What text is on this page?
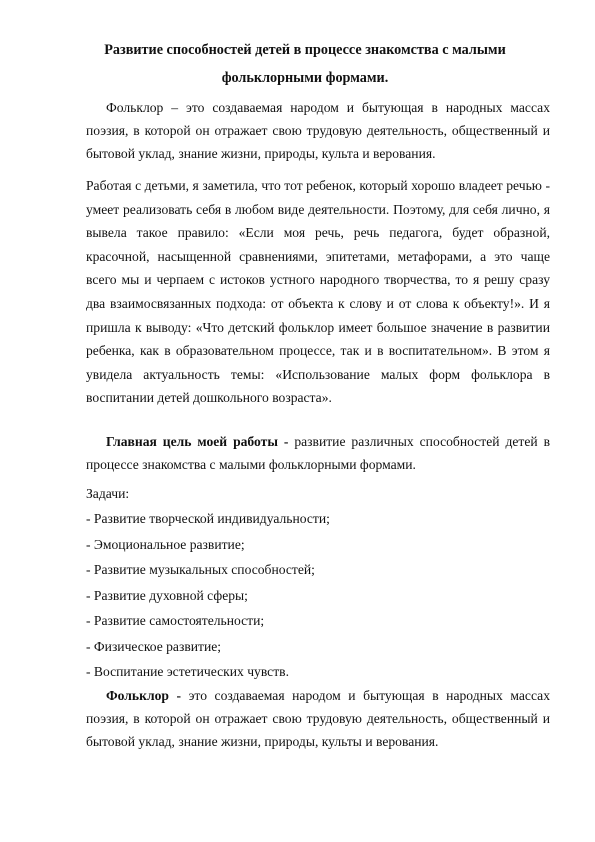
Развитие способностей детей в процессе знакомства с малыми
фольклорными формами.

Фольклор – это создаваемая народом и бытующая в народных массах поэзия, в которой он отражает свою трудовую деятельность, общественный и бытовой уклад, знание жизни, природы, культа и верования.

Работая с детьми, я заметила, что тот ребенок, который хорошо владеет речью - умеет реализовать себя в любом виде деятельности. Поэтому, для себя лично, я вывела такое правило: «Если моя речь, речь педагога, будет образной, красочной, насыщенной сравнениями, эпитетами, метафорами, а это чаще всего мы и черпаем с истоков устного народного творчества, то я решу сразу два взаимосвязанных подхода: от объекта к слову и от слова к объекту!». И я пришла к выводу: «Что детский фольклор имеет большое значение в развитии ребенка, как в образовательном процессе, так и в воспитательном». В этом я увидела актуальность темы: «Использование малых форм фольклора в воспитании детей дошкольного возраста».

Главная цель моей работы - развитие различных способностей детей в процессе знакомства с малыми фольклорными формами.

Задачи:
- Развитие творческой индивидуальности;
- Эмоциональное развитие;
- Развитие музыкальных способностей;
- Развитие духовной сферы;
- Развитие самостоятельности;
- Физическое развитие;
- Воспитание эстетических чувств.

Фольклор - это создаваемая народом и бытующая в народных массах поэзия, в которой он отражает свою трудовую деятельность, общественный и бытовой уклад, знание жизни, природы, культы и верования.
